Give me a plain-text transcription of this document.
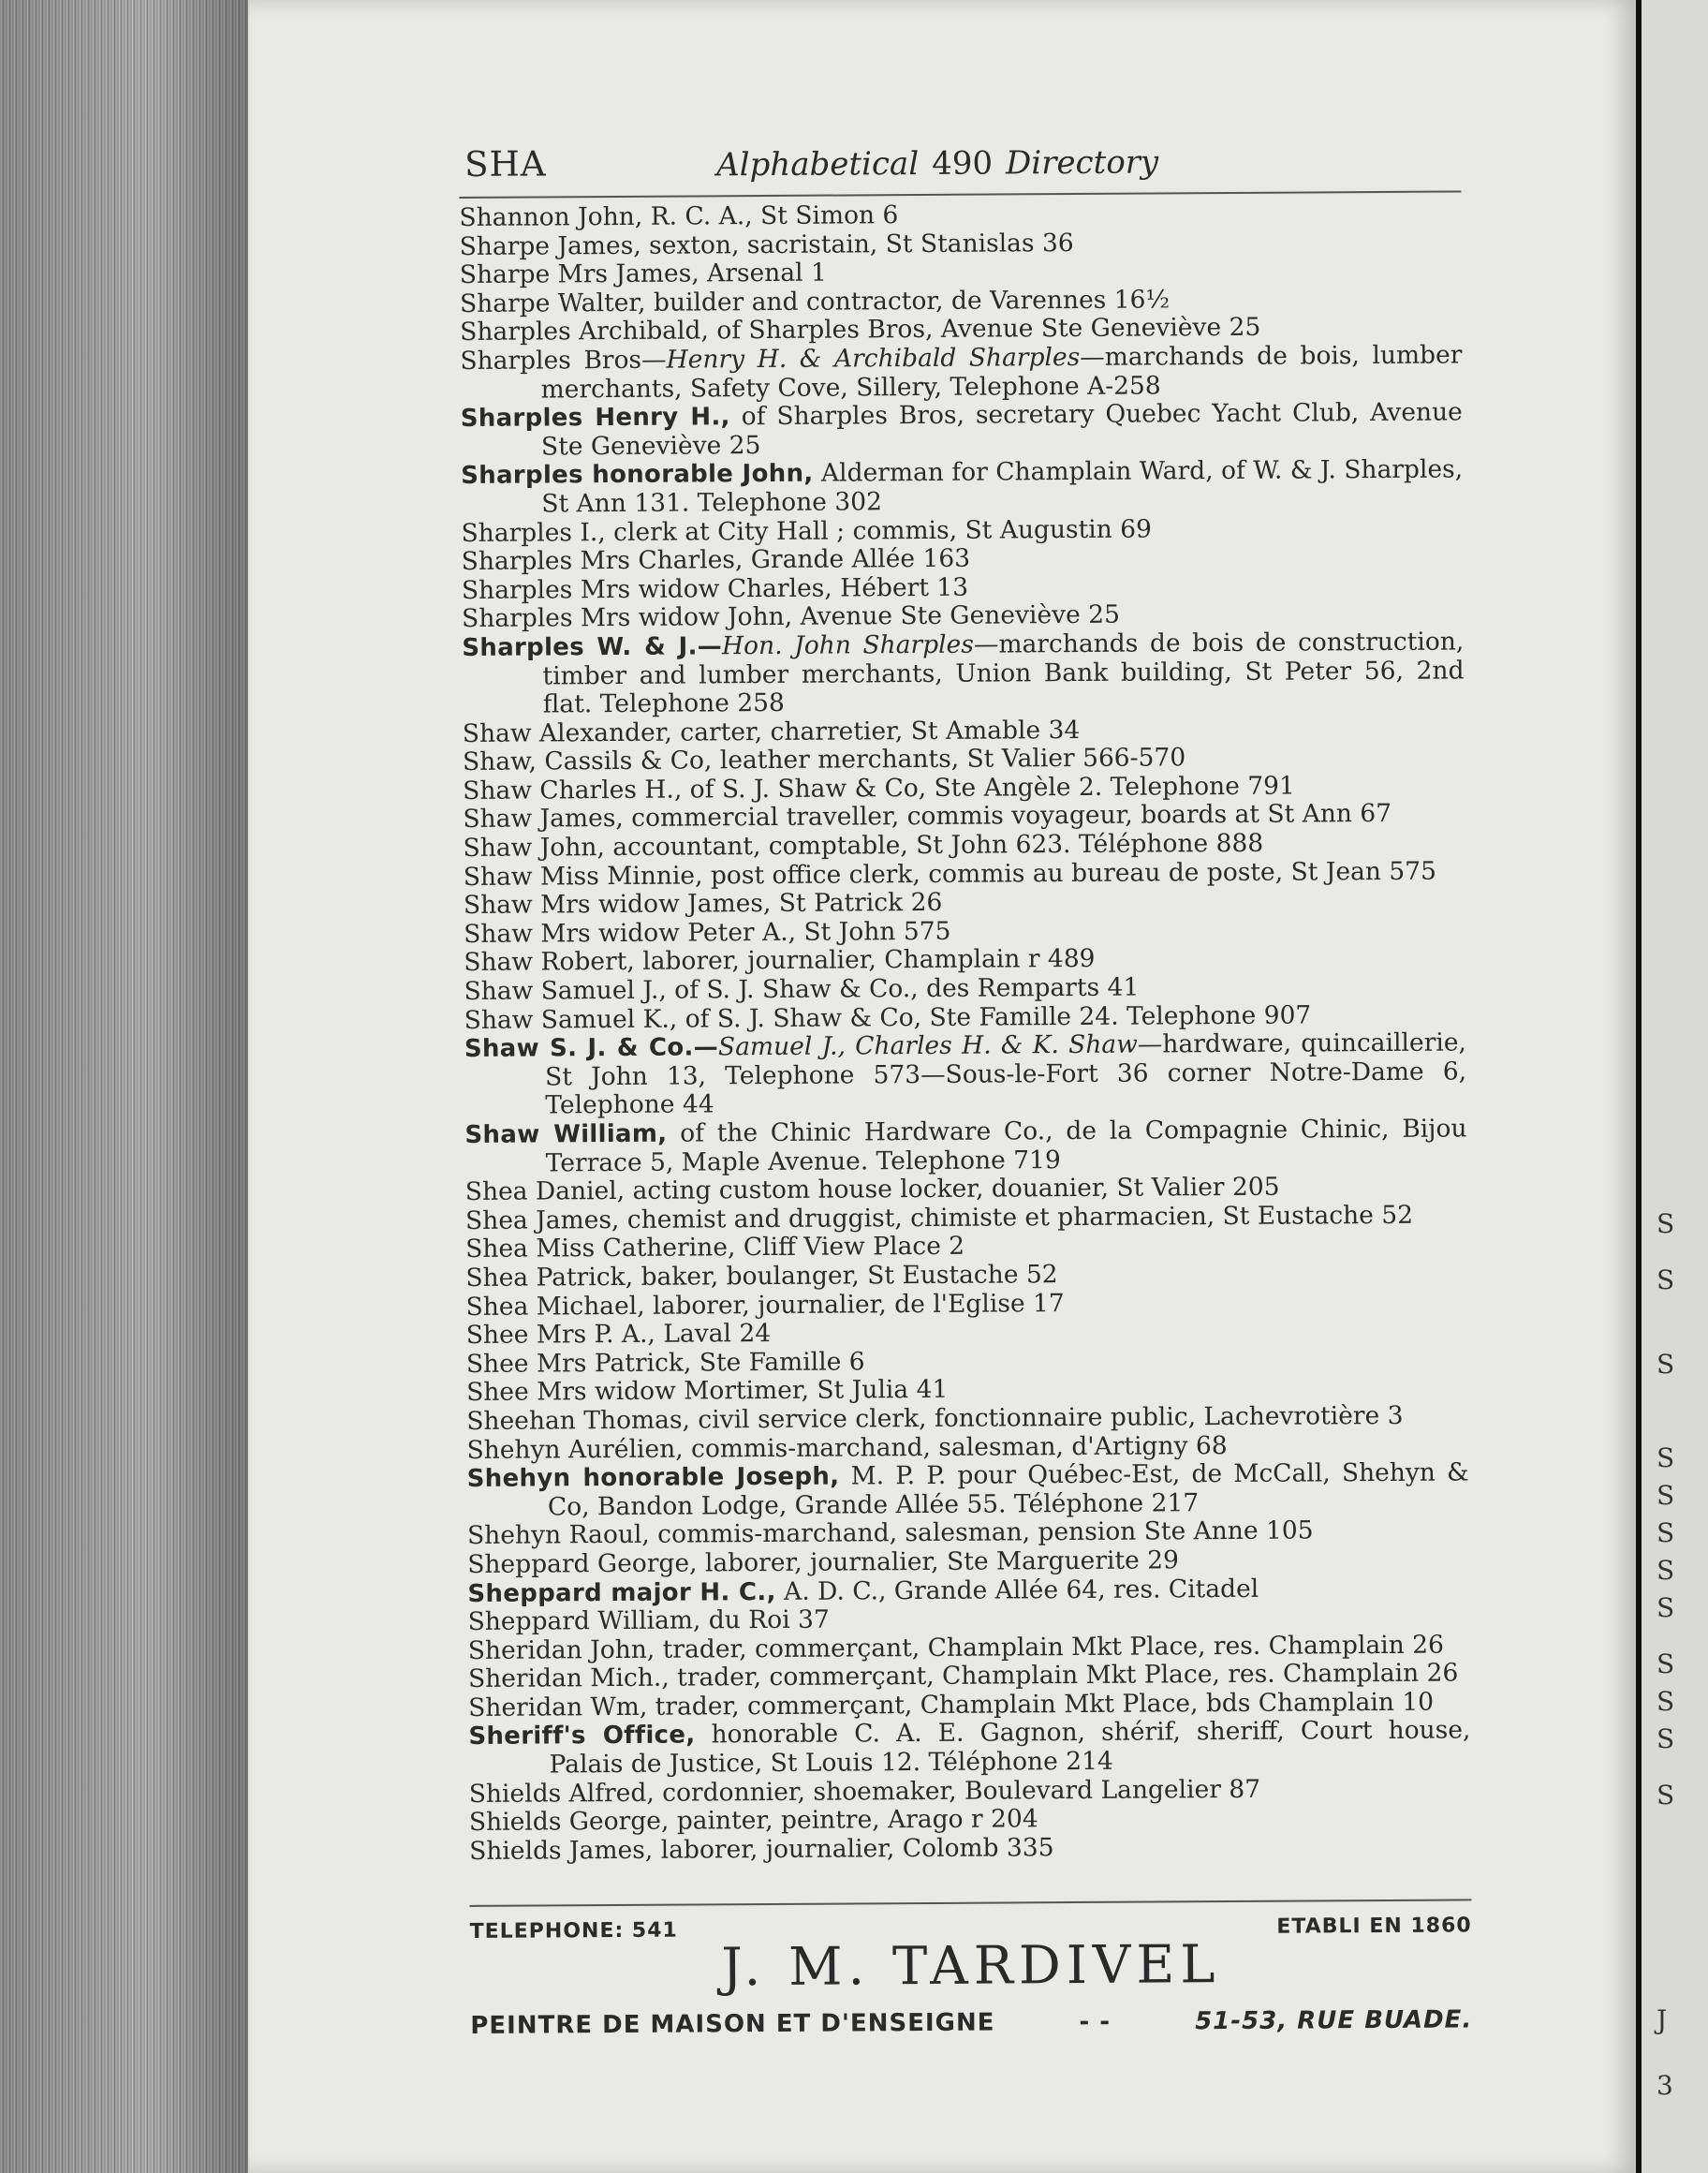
S
S
S
S
S
S
S
S
S
S
S
S
J
3
SHA	Alphabetical 490 Directory
Shannon John, R. C. A., St Simon 6
Sharpe James, sexton, sacristain, St Stanislas 36
Sharpe Mrs James, Arsenal 1
Sharpe Walter, builder and contractor, de Varennes 16½
Sharples Archibald, of Sharples Bros, Avenue Ste Geneviève 25
Sharples Bros—Henry H. & Archibald Sharples—marchands de bois, lumber merchants, Safety Cove, Sillery, Telephone A-258
Sharples Henry H., of Sharples Bros, secretary Quebec Yacht Club, Avenue Ste Geneviève 25
Sharples honorable John, Alderman for Champlain Ward, of W. & J. Sharples, St Ann 131. Telephone 302
Sharples I., clerk at City Hall ; commis, St Augustin 69
Sharples Mrs Charles, Grande Allée 163
Sharples Mrs widow Charles, Hébert 13
Sharples Mrs widow John, Avenue Ste Geneviève 25
Sharples W. & J.—Hon. John Sharples—marchands de bois de construction, timber and lumber merchants, Union Bank building, St Peter 56, 2nd flat. Telephone 258
Shaw Alexander, carter, charretier, St Amable 34
Shaw, Cassils & Co, leather merchants, St Valier 566-570
Shaw Charles H., of S. J. Shaw & Co, Ste Angèle 2. Telephone 791
Shaw James, commercial traveller, commis voyageur, boards at St Ann 67
Shaw John, accountant, comptable, St John 623. Téléphone 888
Shaw Miss Minnie, post office clerk, commis au bureau de poste, St Jean 575
Shaw Mrs widow James, St Patrick 26
Shaw Mrs widow Peter A., St John 575
Shaw Robert, laborer, journalier, Champlain r 489
Shaw Samuel J., of S. J. Shaw & Co., des Remparts 41
Shaw Samuel K., of S. J. Shaw & Co, Ste Famille 24. Telephone 907
Shaw S. J. & Co.—Samuel J., Charles H. & K. Shaw—hardware, quincaillerie, St John 13, Telephone 573—Sous-le-Fort 36 corner Notre-Dame 6, Telephone 44
Shaw William, of the Chinic Hardware Co., de la Compagnie Chinic, Bijou Terrace 5, Maple Avenue. Telephone 719
Shea Daniel, acting custom house locker, douanier, St Valier 205
Shea James, chemist and druggist, chimiste et pharmacien, St Eustache 52
Shea Miss Catherine, Cliff View Place 2
Shea Patrick, baker, boulanger, St Eustache 52
Shea Michael, laborer, journalier, de l'Eglise 17
Shee Mrs P. A., Laval 24
Shee Mrs Patrick, Ste Famille 6
Shee Mrs widow Mortimer, St Julia 41
Sheehan Thomas, civil service clerk, fonctionnaire public, Lachevrotière 3
Shehyn Aurélien, commis-marchand, salesman, d'Artigny 68
Shehyn honorable Joseph, M. P. P. pour Québec-Est, de McCall, Shehyn & Co, Bandon Lodge, Grande Allée 55. Téléphone 217
Shehyn Raoul, commis-marchand, salesman, pension Ste Anne 105
Sheppard George, laborer, journalier, Ste Marguerite 29
Sheppard major H. C., A. D. C., Grande Allée 64, res. Citadel
Sheppard William, du Roi 37
Sheridan John, trader, commerçant, Champlain Mkt Place, res. Champlain 26
Sheridan Mich., trader, commerçant, Champlain Mkt Place, res. Champlain 26
Sheridan Wm, trader, commerçant, Champlain Mkt Place, bds Champlain 10
Sheriff's Office, honorable C. A. E. Gagnon, shérif, sheriff, Court house, Palais de Justice, St Louis 12. Téléphone 214
Shields Alfred, cordonnier, shoemaker, Boulevard Langelier 87
Shields George, painter, peintre, Arago r 204
Shields James, laborer, journalier, Colomb 335
TELEPHONE: 541	ETABLI EN 1860
J. M. TARDIVEL
PEINTRE DE MAISON ET D'ENSEIGNE	- -	51-53, RUE BUADE.
